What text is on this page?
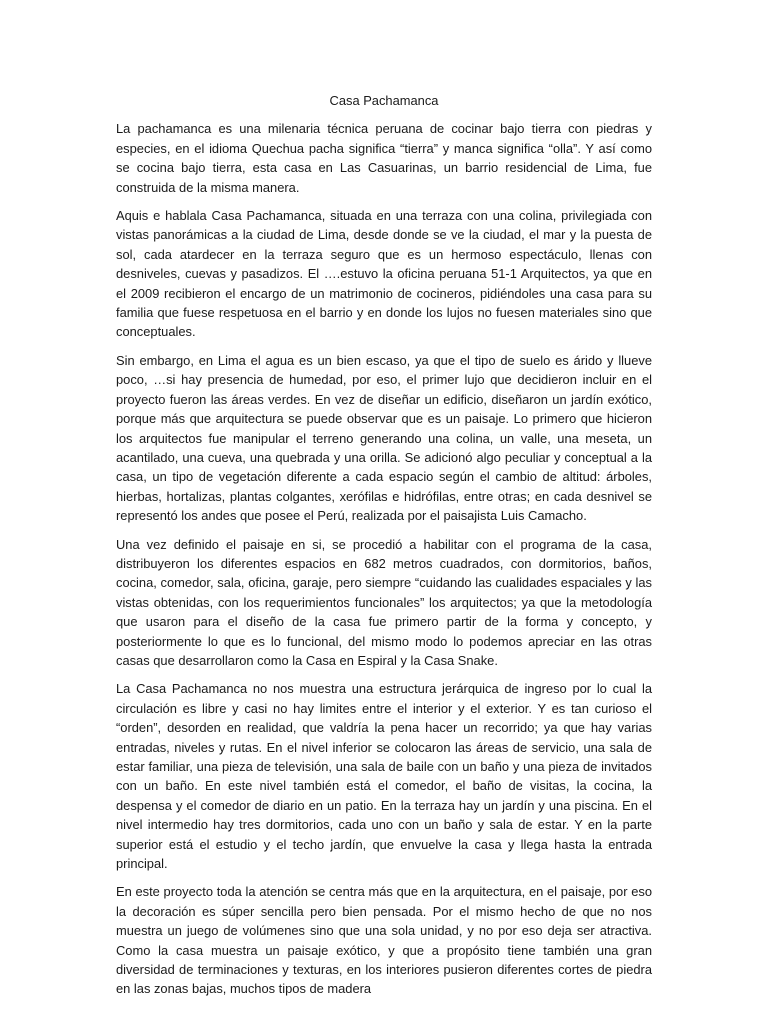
Casa Pachamanca

La pachamanca es una milenaria técnica peruana de cocinar bajo tierra con piedras y especies, en el idioma Quechua pacha significa “tierra” y manca significa “olla”. Y así como se cocina bajo tierra, esta casa en Las Casuarinas, un barrio residencial de Lima, fue construida de la misma manera.

Aquis e hablala Casa Pachamanca, situada en una terraza con una colina, privilegiada con vistas panorámicas a la ciudad de Lima, desde donde se ve la ciudad, el mar y la puesta de sol, cada atardecer en la terraza seguro que es un hermoso espectáculo, llenas con desniveles, cuevas y pasadizos. El ….estuvo la oficina peruana 51-1 Arquitectos, ya que en el 2009 recibieron el encargo de un matrimonio de cocineros, pidiéndoles una casa para su familia que fuese respetuosa en el barrio y en donde los lujos no fuesen materiales sino que conceptuales.

Sin embargo, en Lima el agua es un bien escaso, ya que el tipo de suelo es árido y llueve poco, …si hay presencia de humedad, por eso, el primer lujo que decidieron incluir en el proyecto fueron las áreas verdes. En vez de diseñar un edificio, diseñaron un jardín exótico, porque más que arquitectura se puede observar que es un paisaje. Lo primero que hicieron los arquitectos fue manipular el terreno generando una colina, un valle, una meseta, un acantilado, una cueva, una quebrada y una orilla. Se adicionó algo peculiar y conceptual a la casa, un tipo de vegetación diferente a cada espacio según el cambio de altitud: árboles, hierbas, hortalizas, plantas colgantes, xerófilas e hidrófilas, entre otras; en cada desnivel se representó los andes que posee el Perú, realizada por el paisajista Luis Camacho.

Una vez definido el paisaje en si, se procedió a habilitar con el programa de la casa, distribuyeron los diferentes espacios en 682 metros cuadrados, con dormitorios, baños, cocina, comedor, sala, oficina, garaje, pero siempre “cuidando las cualidades espaciales y las vistas obtenidas, con los requerimientos funcionales” los arquitectos; ya que la metodología que usaron para el diseño de la casa fue primero partir de la forma y concepto, y posteriormente lo que es lo funcional, del mismo modo lo podemos apreciar en las otras casas que desarrollaron como la Casa en Espiral y la Casa Snake.

La Casa Pachamanca no nos muestra una estructura jerárquica de ingreso por lo cual la circulación es libre y casi no hay limites entre el interior y el exterior. Y es tan curioso el “orden”, desorden en realidad, que valdría la pena hacer un recorrido; ya que hay varias entradas, niveles y rutas. En el nivel inferior se colocaron las áreas de servicio, una sala de estar familiar, una pieza de televisión, una sala de baile con un baño y una pieza de invitados con un baño. En este nivel también está el comedor, el baño de visitas, la cocina, la despensa y el comedor de diario en un patio. En la terraza hay un jardín y una piscina. En el nivel intermedio hay tres dormitorios, cada uno con un baño y sala de estar. Y en la parte superior está el estudio y el techo jardín, que envuelve la casa y llega hasta la entrada principal.

En este proyecto toda la atención se centra más que en la arquitectura, en el paisaje, por eso la decoración es súper sencilla pero bien pensada. Por el mismo hecho de que no nos muestra un juego de volúmenes sino que una sola unidad, y no por eso deja ser atractiva. Como la casa muestra un paisaje exótico, y que a propósito tiene también una gran diversidad de terminaciones y texturas, en los interiores pusieron diferentes cortes de piedra en las zonas bajas, muchos tipos de madera
